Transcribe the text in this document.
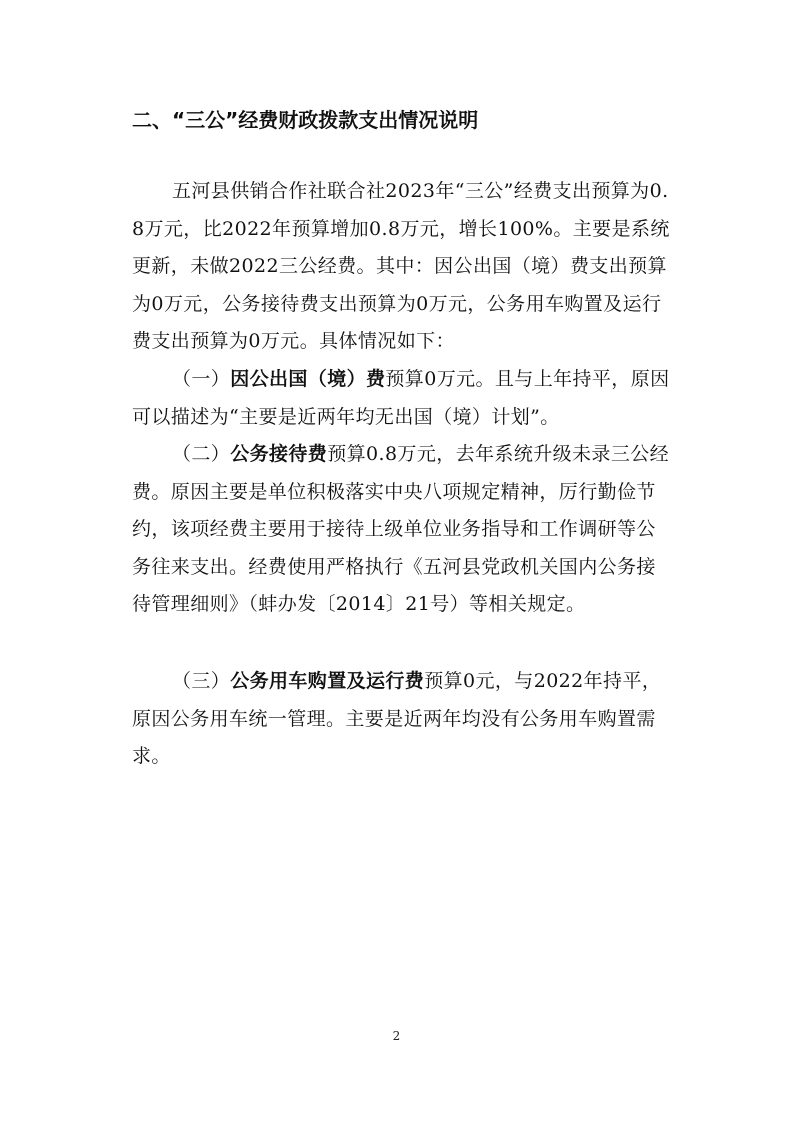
二、“三公”经费财政拨款支出情况说明

五河县供销合作社联合社2023年“三公”经费支出预算为0.8万元，比2022年预算增加0.8万元，增长100%。主要是系统更新，未做2022三公经费。其中：因公出国（境）费支出预算为0万元，公务接待费支出预算为0万元，公务用车购置及运行费支出预算为0万元。具体情况如下：

（一）因公出国（境）费预算0万元。且与上年持平，原因可以描述为“主要是近两年均无出国（境）计划”。

（二）公务接待费预算0.8万元，去年系统升级未录三公经费。原因主要是单位积极落实中央八项规定精神，厉行勤俭节约，该项经费主要用于接待上级单位业务指导和工作调研等公务往来支出。经费使用严格执行《五河县党政机关国内公务接待管理细则》（蚌办发〔2014〕21号）等相关规定。

（三）公务用车购置及运行费预算0元，与2022年持平，原因公务用车统一管理。主要是近两年均没有公务用车购置需求。

2
